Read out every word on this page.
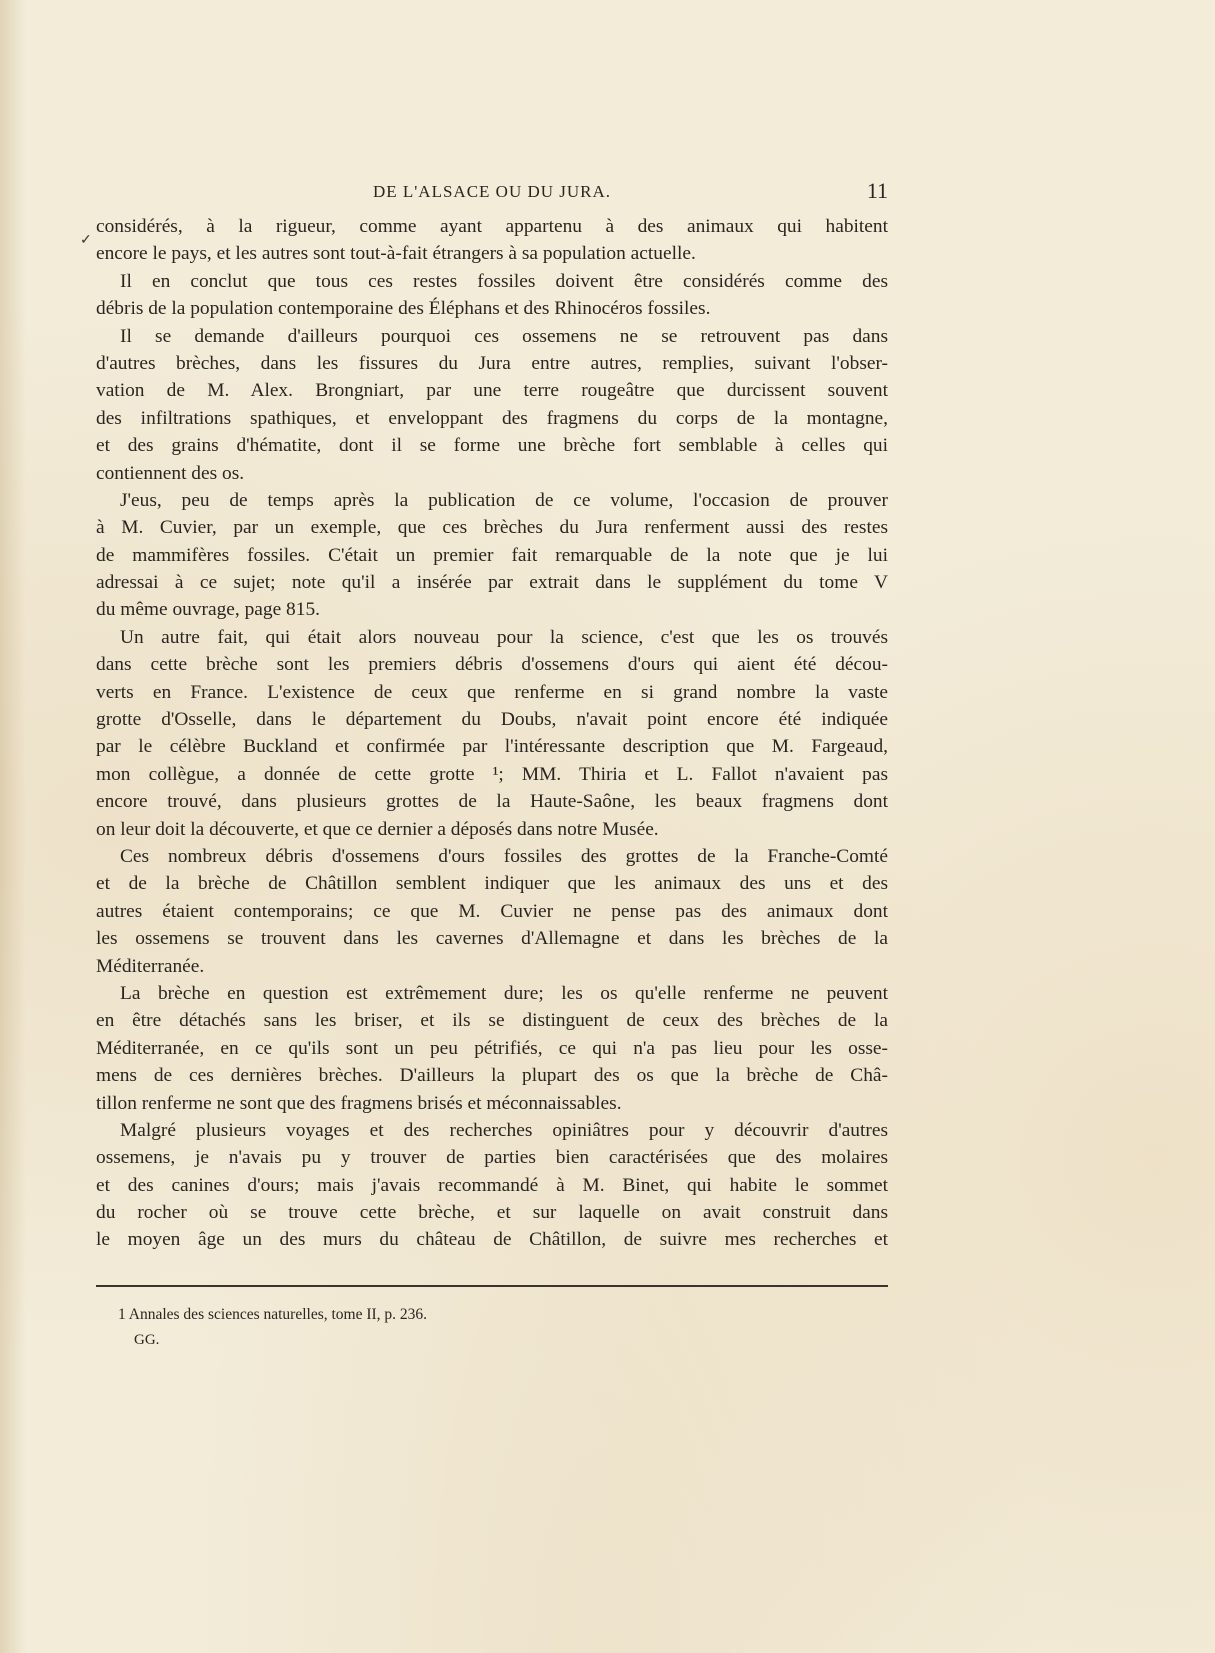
✓
DE L'ALSACE OU DU JURA.	11
considérés, à la rigueur, comme ayant appartenu à des animaux qui habitent
encore le pays, et les autres sont tout-à-fait étrangers à sa population actuelle.
Il en conclut que tous ces restes fossiles doivent être considérés comme des
débris de la population contemporaine des Éléphans et des Rhinocéros fossiles.
Il se demande d'ailleurs pourquoi ces ossemens ne se retrouvent pas dans
d'autres brèches, dans les fissures du Jura entre autres, remplies, suivant l'obser-
vation de M. Alex. Brongniart, par une terre rougeâtre que durcissent souvent
des infiltrations spathiques, et enveloppant des fragmens du corps de la montagne,
et des grains d'hématite, dont il se forme une brèche fort semblable à celles qui
contiennent des os.
J'eus, peu de temps après la publication de ce volume, l'occasion de prouver
à M. Cuvier, par un exemple, que ces brèches du Jura renferment aussi des restes
de mammifères fossiles. C'était un premier fait remarquable de la note que je lui
adressai à ce sujet; note qu'il a insérée par extrait dans le supplément du tome V
du même ouvrage, page 815.
Un autre fait, qui était alors nouveau pour la science, c'est que les os trouvés
dans cette brèche sont les premiers débris d'ossemens d'ours qui aient été décou-
verts en France. L'existence de ceux que renferme en si grand nombre la vaste
grotte d'Osselle, dans le département du Doubs, n'avait point encore été indiquée
par le célèbre Buckland et confirmée par l'intéressante description que M. Fargeaud,
mon collègue, a donnée de cette grotte ¹; MM. Thiria et L. Fallot n'avaient pas
encore trouvé, dans plusieurs grottes de la Haute-Saône, les beaux fragmens dont
on leur doit la découverte, et que ce dernier a déposés dans notre Musée.
Ces nombreux débris d'ossemens d'ours fossiles des grottes de la Franche-Comté
et de la brèche de Châtillon semblent indiquer que les animaux des uns et des
autres étaient contemporains; ce que M. Cuvier ne pense pas des animaux dont
les ossemens se trouvent dans les cavernes d'Allemagne et dans les brèches de la
Méditerranée.
La brèche en question est extrêmement dure; les os qu'elle renferme ne peuvent
en être détachés sans les briser, et ils se distinguent de ceux des brèches de la
Méditerranée, en ce qu'ils sont un peu pétrifiés, ce qui n'a pas lieu pour les osse-
mens de ces dernières brèches. D'ailleurs la plupart des os que la brèche de Châ-
tillon renferme ne sont que des fragmens brisés et méconnaissables.
Malgré plusieurs voyages et des recherches opiniâtres pour y découvrir d'autres
ossemens, je n'avais pu y trouver de parties bien caractérisées que des molaires
et des canines d'ours; mais j'avais recommandé à M. Binet, qui habite le sommet
du rocher où se trouve cette brèche, et sur laquelle on avait construit dans
le moyen âge un des murs du château de Châtillon, de suivre mes recherches et
1 Annales des sciences naturelles, tome II, p. 236.
GG.
